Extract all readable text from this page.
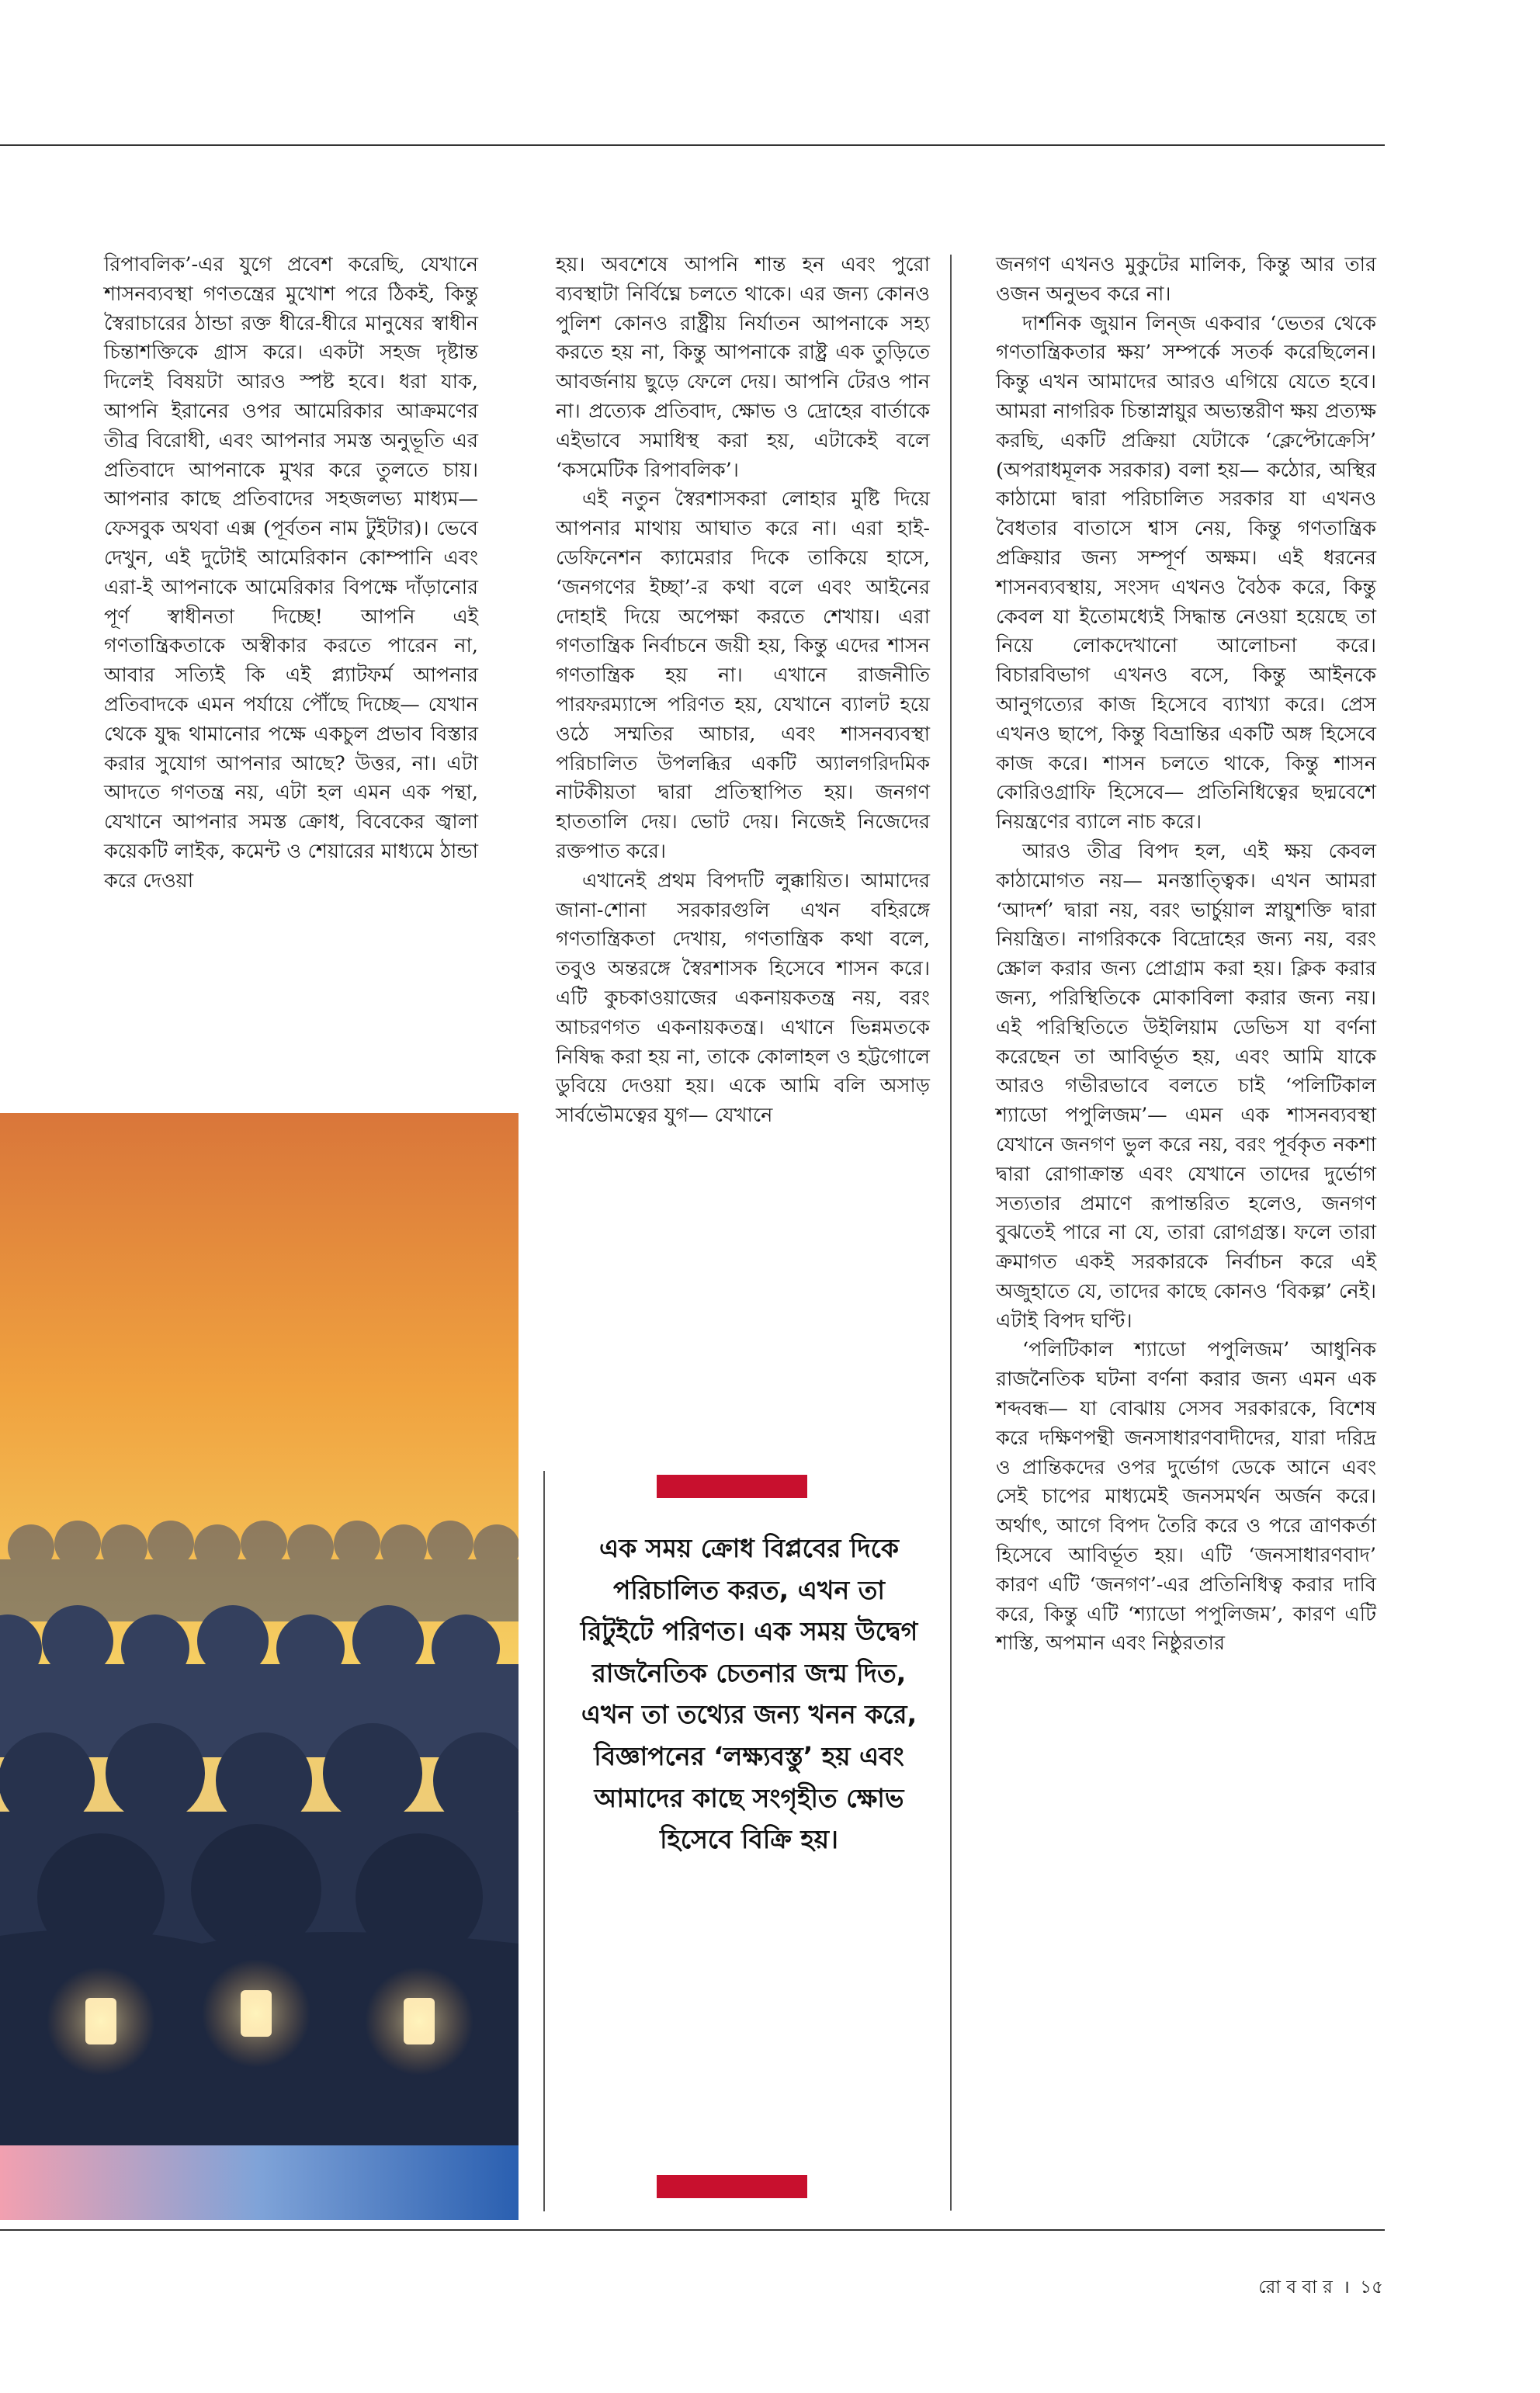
রিপাবলিক’-এর যুগে প্রবেশ করেছি, যেখানে শাসনব্যবস্থা গণতন্ত্রের মুখোশ পরে ঠিকই, কিন্তু স্বৈরাচারের ঠান্ডা রক্ত ধীরে-ধীরে মানুষের স্বাধীন চিন্তাশক্তিকে গ্রাস করে। একটা সহজ দৃষ্টান্ত দিলেই বিষয়টা আরও স্পষ্ট হবে। ধরা যাক, আপনি ইরানের ওপর আমেরিকার আক্রমণের তীব্র বিরোধী, এবং আপনার সমস্ত অনুভূতি এর প্রতিবাদে আপনাকে মুখর করে তুলতে চায়। আপনার কাছে প্রতিবাদের সহজলভ্য মাধ্যম— ফেসবুক অথবা এক্স (পূর্বতন নাম টুইটার)। ভেবে দেখুন, এই দুটোই আমেরিকান কোম্পানি এবং এরা-ই আপনাকে আমেরিকার বিপক্ষে দাঁড়ানোর পূর্ণ স্বাধীনতা দিচ্ছে! আপনি এই গণতান্ত্রিকতাকে অস্বীকার করতে পারেন না, আবার সত্যিই কি এই প্ল্যাটফর্ম আপনার প্রতিবাদকে এমন পর্যায়ে পৌঁছে দিচ্ছে— যেখান থেকে যুদ্ধ থামানোর পক্ষে একচুল প্রভাব বিস্তার করার সুযোগ আপনার আছে? উত্তর, না। এটা আদতে গণতন্ত্র নয়, এটা হল এমন এক পন্থা, যেখানে আপনার সমস্ত ক্রোধ, বিবেকের জ্বালা কয়েকটি লাইক, কমেন্ট ও শেয়ারের মাধ্যমে ঠান্ডা করে দেওয়া

হয়। অবশেষে আপনি শান্ত হন এবং পুরো ব্যবস্থাটা নির্বিঘ্নে চলতে থাকে। এর জন্য কোনও পুলিশ কোনও রাষ্ট্রীয় নির্যাতন আপনাকে সহ্য করতে হয় না, কিন্তু আপনাকে রাষ্ট্র এক তুড়িতে আবর্জনায় ছুড়ে ফেলে দেয়। আপনি টেরও পান না। প্রত্যেক প্রতিবাদ, ক্ষোভ ও দ্রোহের বার্তাকে এইভাবে সমাধিস্থ করা হয়, এটাকেই বলে ‘কসমেটিক রিপাবলিক’।

এই নতুন স্বৈরশাসকরা লোহার মুষ্টি দিয়ে আপনার মাথায় আঘাত করে না। এরা হাই-ডেফিনেশন ক্যামেরার দিকে তাকিয়ে হাসে, ‘জনগণের ইচ্ছা’-র কথা বলে এবং আইনের দোহাই দিয়ে অপেক্ষা করতে শেখায়। এরা গণতান্ত্রিক নির্বাচনে জয়ী হয়, কিন্তু এদের শাসন গণতান্ত্রিক হয় না। এখানে রাজনীতি পারফরম্যান্সে পরিণত হয়, যেখানে ব্যালট হয়ে ওঠে সম্মতির আচার, এবং শাসনব্যবস্থা পরিচালিত উপলব্ধির একটি অ্যালগরিদমিক নাটকীয়তা দ্বারা প্রতিস্থাপিত হয়। জনগণ হাততালি দেয়। ভোট দেয়। নিজেই নিজেদের রক্তপাত করে।

এখানেই প্রথম বিপদটি লুক্কায়িত। আমাদের জানা-শোনা সরকারগুলি এখন বহিরঙ্গে গণতান্ত্রিকতা দেখায়, গণতান্ত্রিক কথা বলে, তবুও অন্তরঙ্গে স্বৈরশাসক হিসেবে শাসন করে। এটি কুচকাওয়াজের একনায়কতন্ত্র নয়, বরং আচরণগত একনায়কতন্ত্র। এখানে ভিন্নমতকে নিষিদ্ধ করা হয় না, তাকে কোলাহল ও হট্টগোলে ডুবিয়ে দেওয়া হয়। একে আমি বলি অসাড় সার্বভৌমত্বের যুগ— যেখানে

এক সময় ক্রোধ বিপ্লবের দিকে পরিচালিত করত, এখন তা রিটুইটে পরিণত। এক সময় উদ্বেগ রাজনৈতিক চেতনার জন্ম দিত, এখন তা তথ্যের জন্য খনন করে, বিজ্ঞাপনের ‘লক্ষ্যবস্তু’ হয় এবং আমাদের কাছে সংগৃহীত ক্ষোভ হিসেবে বিক্রি হয়।

জনগণ এখনও মুকুটের মালিক, কিন্তু আর তার ওজন অনুভব করে না।

দার্শনিক জুয়ান লিন্‌জ একবার ‘ভেতর থেকে গণতান্ত্রিকতার ক্ষয়’ সম্পর্কে সতর্ক করেছিলেন। কিন্তু এখন আমাদের আরও এগিয়ে যেতে হবে। আমরা নাগরিক চিন্তাস্নায়ুর অভ্যন্তরীণ ক্ষয় প্রত্যক্ষ করছি, একটি প্রক্রিয়া যেটাকে ‘ক্লেপ্টোক্রেসি’ (অপরাধমূলক সরকার) বলা হয়— কঠোর, অস্থির কাঠামো দ্বারা পরিচালিত সরকার যা এখনও বৈধতার বাতাসে শ্বাস নেয়, কিন্তু গণতান্ত্রিক প্রক্রিয়ার জন্য সম্পূর্ণ অক্ষম। এই ধরনের শাসনব্যবস্থায়, সংসদ এখনও বৈঠক করে, কিন্তু কেবল যা ইতোমধ্যেই সিদ্ধান্ত নেওয়া হয়েছে তা নিয়ে লোকদেখানো আলোচনা করে। বিচারবিভাগ এখনও বসে, কিন্তু আইনকে আনুগত্যের কাজ হিসেবে ব্যাখ্যা করে। প্রেস এখনও ছাপে, কিন্তু বিভ্রান্তির একটি অঙ্গ হিসেবে কাজ করে। শাসন চলতে থাকে, কিন্তু শাসন কোরিওগ্রাফি হিসেবে— প্রতিনিধিত্বের ছদ্মবেশে নিয়ন্ত্রণের ব্যালে নাচ করে।

আরও তীব্র বিপদ হল, এই ক্ষয় কেবল কাঠামোগত নয়— মনস্তাত্ত্বিক। এখন আমরা ‘আদর্শ’ দ্বারা নয়, বরং ভার্চুয়াল স্নায়ুশক্তি দ্বারা নিয়ন্ত্রিত। নাগরিককে বিদ্রোহের জন্য নয়, বরং স্ক্রোল করার জন্য প্রোগ্রাম করা হয়। ক্লিক করার জন্য, পরিস্থিতিকে মোকাবিলা করার জন্য নয়। এই পরিস্থিতিতে উইলিয়াম ডেভিস যা বর্ণনা করেছেন তা আবির্ভূত হয়, এবং আমি যাকে আরও গভীরভাবে বলতে চাই ‘পলিটিকাল শ্যাডো পপুলিজম’— এমন এক শাসনব্যবস্থা যেখানে জনগণ ভুল করে নয়, বরং পূর্বকৃত নকশা দ্বারা রোগাক্রান্ত এবং যেখানে তাদের দুর্ভোগ সত্যতার প্রমাণে রূপান্তরিত হলেও, জনগণ বুঝতেই পারে না যে, তারা রোগগ্রস্ত। ফলে তারা ক্রমাগত একই সরকারকে নির্বাচন করে এই অজুহাতে যে, তাদের কাছে কোনও ‘বিকল্প’ নেই। এটাই বিপদ ঘণ্টি।

‘পলিটিকাল শ্যাডো পপুলিজম’ আধুনিক রাজনৈতিক ঘটনা বর্ণনা করার জন্য এমন এক শব্দবন্ধ— যা বোঝায় সেসব সরকারকে, বিশেষ করে দক্ষিণপন্থী জনসাধারণবাদীদের, যারা দরিদ্র ও প্রান্তিকদের ওপর দুর্ভোগ ডেকে আনে এবং সেই চাপের মাধ্যমেই জনসমর্থন অর্জন করে। অর্থাৎ, আগে বিপদ তৈরি করে ও পরে ত্রাণকর্তা হিসেবে আবির্ভূত হয়। এটি ‘জনসাধারণবাদ’ কারণ এটি ‘জনগণ’-এর প্রতিনিধিত্ব করার দাবি করে, কিন্তু এটি ‘শ্যাডো পপুলিজম’, কারণ এটি শাস্তি, অপমান এবং নিষ্ঠুরতার

রো ব বা র । ১৫
